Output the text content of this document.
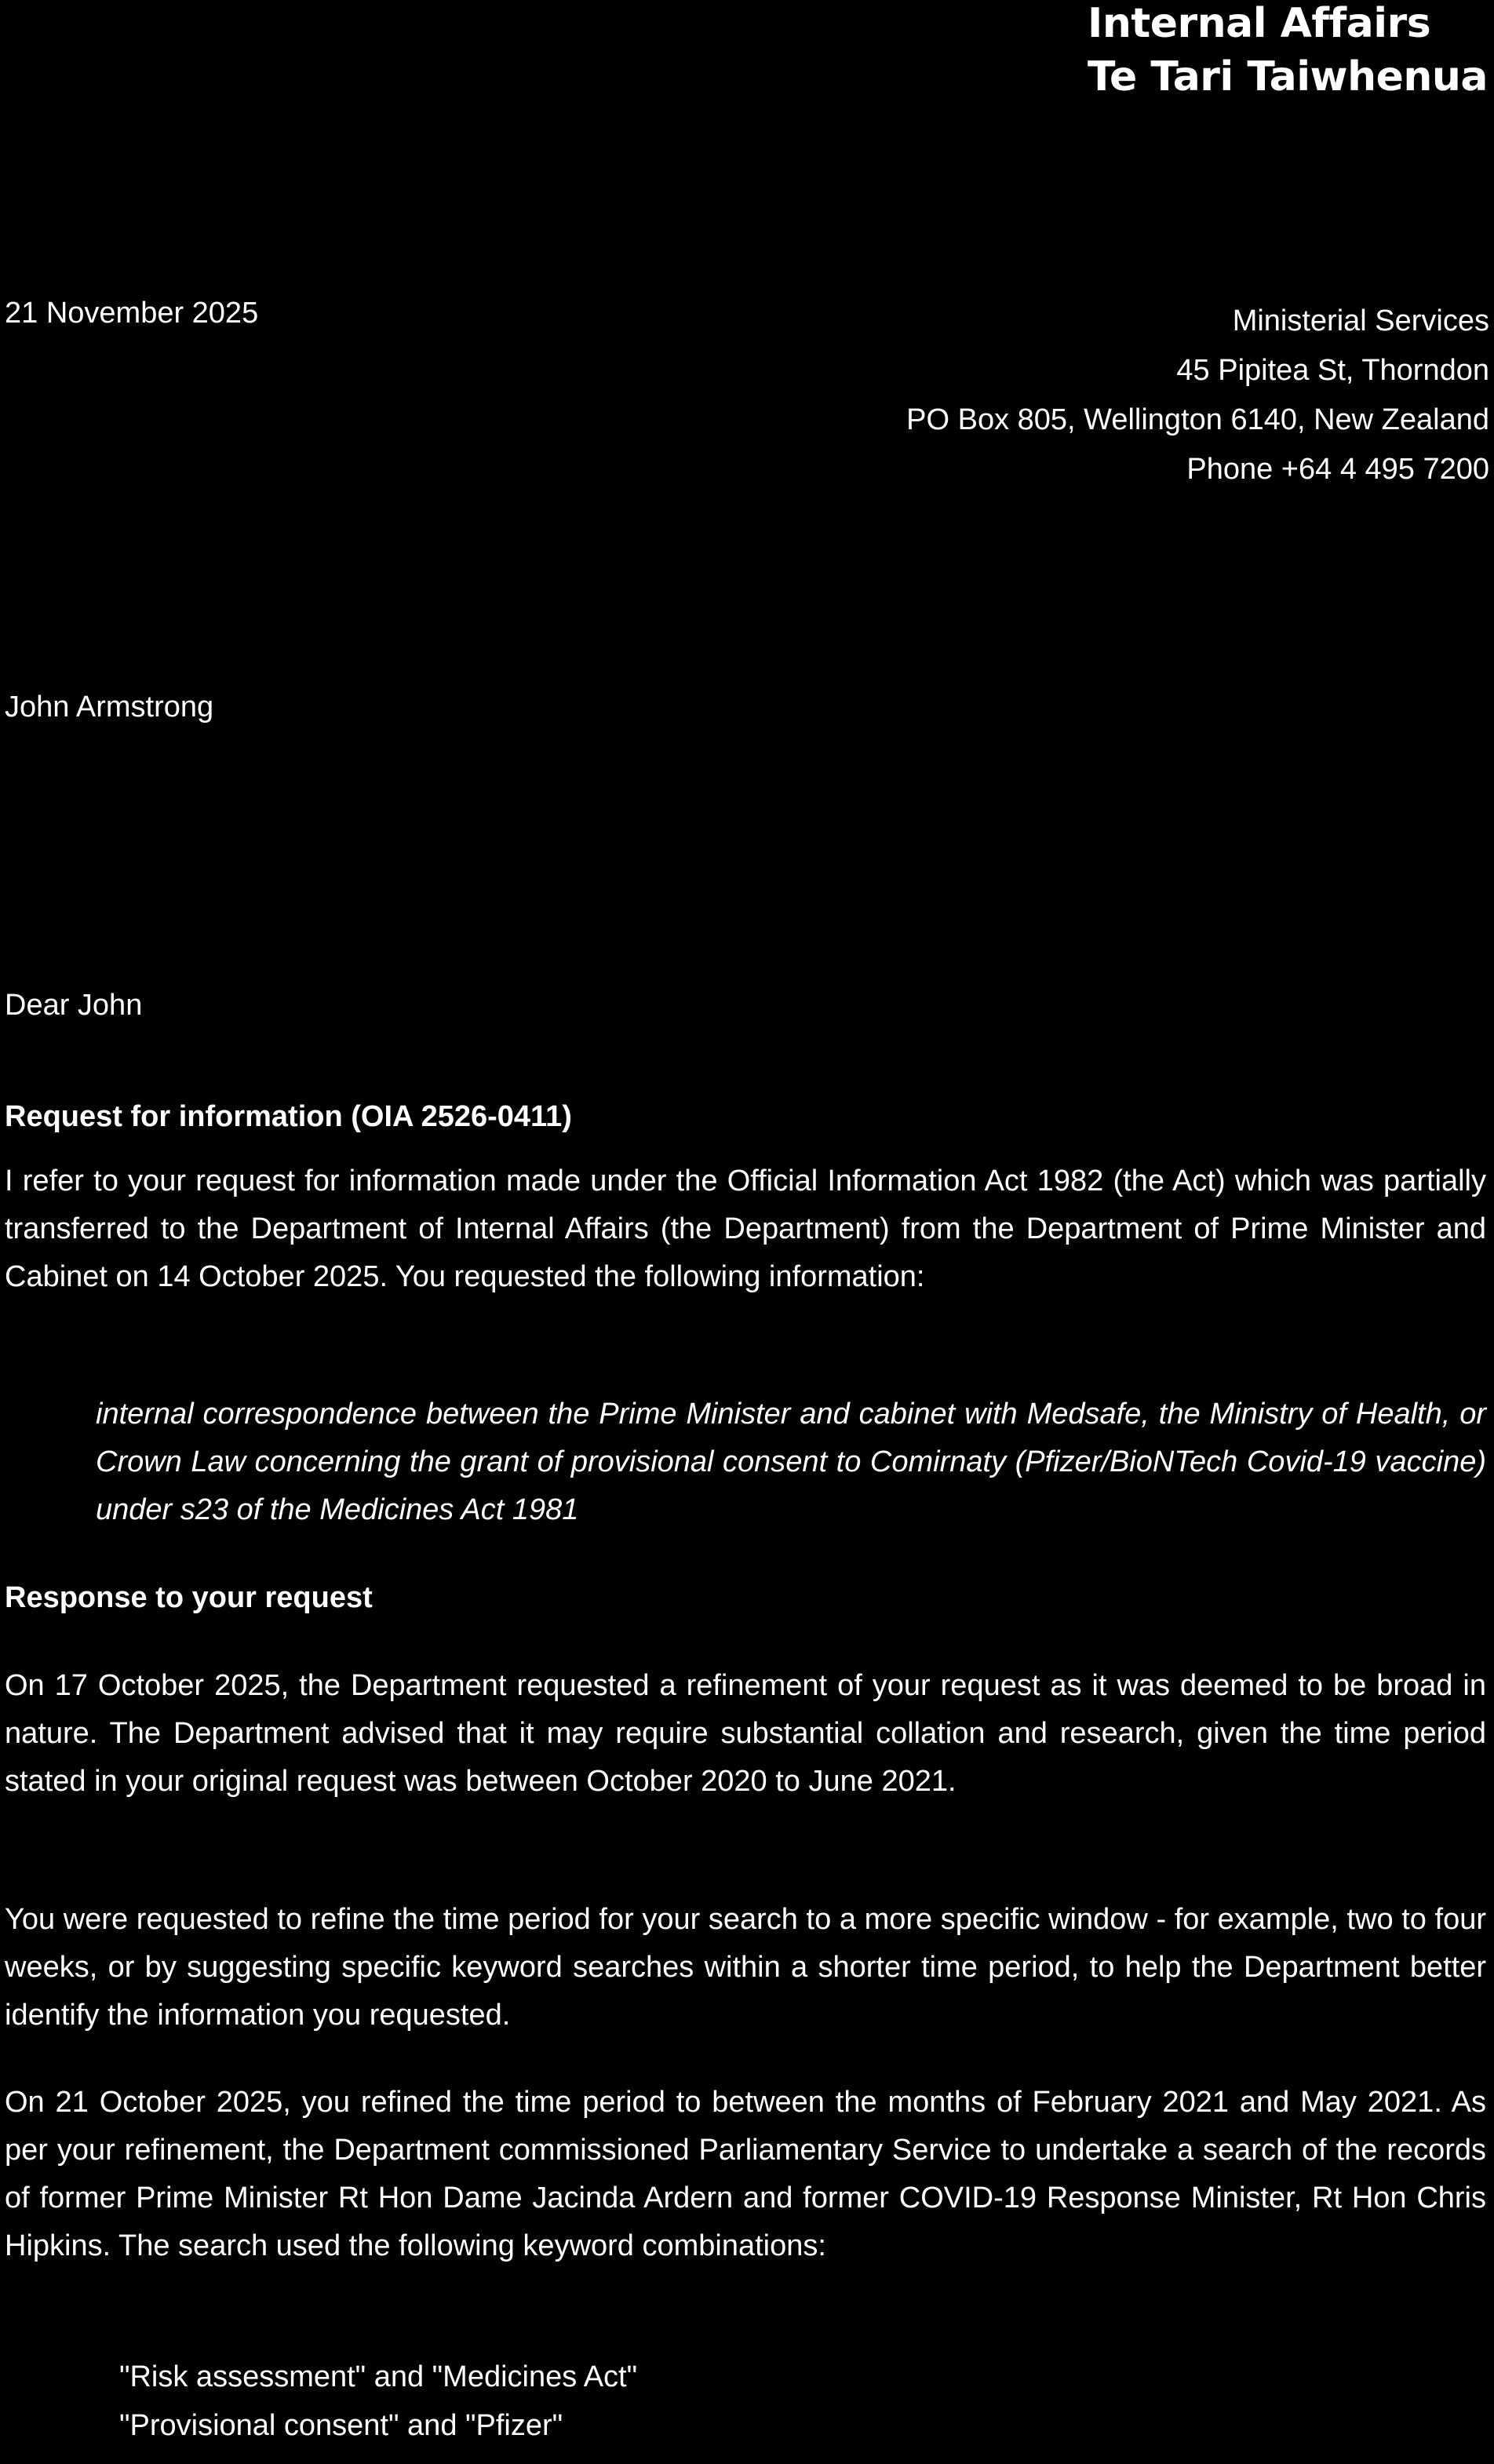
Internal Affairs
Te Tari Taiwhenua
21 November 2025	Ministerial Services
45 Pipitea St, Thorndon
PO Box 805, Wellington 6140, New Zealand
Phone +64 4 495 7200
John Armstrong
Dear John
Request for information (OIA 2526-0411)

I refer to your request for information made under the Official Information Act 1982 (the Act) which was partially transferred to the Department of Internal Affairs (the Department) from the Department of Prime Minister and Cabinet on 14 October 2025. You requested the following information:

internal correspondence between the Prime Minister and cabinet with Medsafe, the Ministry of Health, or Crown Law concerning the grant of provisional consent to Comirnaty (Pfizer/BioNTech Covid-19 vaccine) under s23 of the Medicines Act 1981

Response to your request

On 17 October 2025, the Department requested a refinement of your request as it was deemed to be broad in nature. The Department advised that it may require substantial collation and research, given the time period stated in your original request was between October 2020 to June 2021.

You were requested to refine the time period for your search to a more specific window - for example, two to four weeks, or by suggesting specific keyword searches within a shorter time period, to help the Department better identify the information you requested.

On 21 October 2025, you refined the time period to between the months of February 2021 and May 2021. As per your refinement, the Department commissioned Parliamentary Service to undertake a search of the records of former Prime Minister Rt Hon Dame Jacinda Ardern and former COVID-19 Response Minister, Rt Hon Chris Hipkins. The search used the following keyword combinations:

"Risk assessment" and "Medicines Act"
"Provisional consent" and "Pfizer"
